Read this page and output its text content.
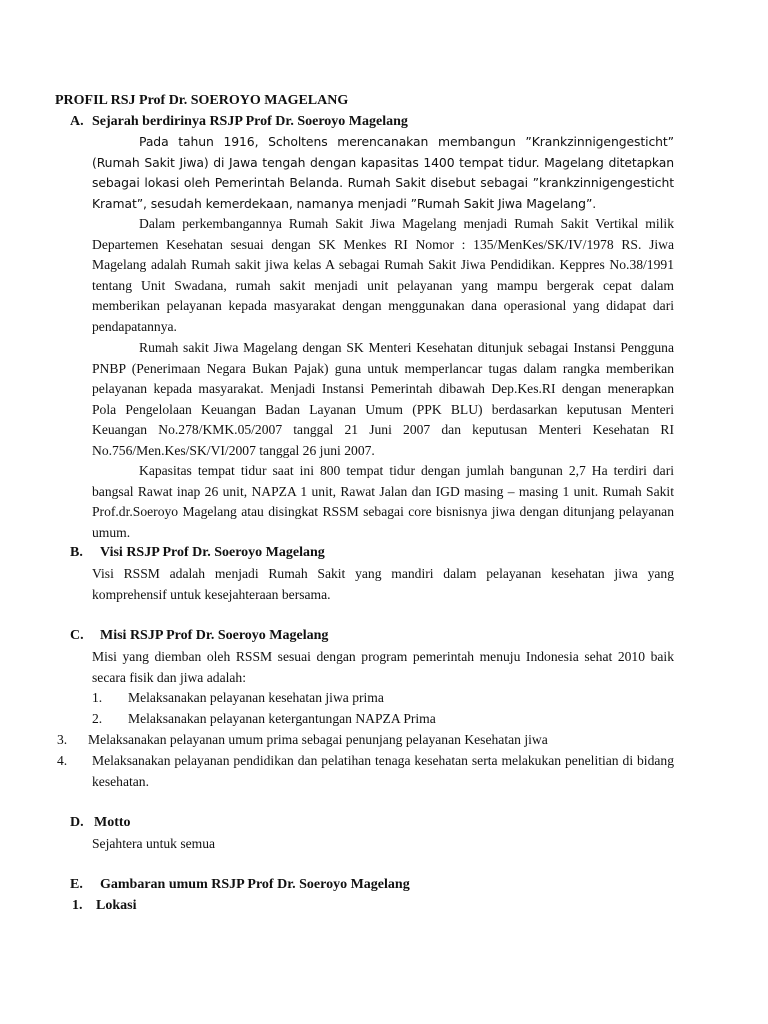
PROFIL RSJ Prof Dr. SOEROYO MAGELANG
A. Sejarah berdirinya RSJP Prof Dr. Soeroyo Magelang
Pada tahun 1916, Scholtens merencanakan membangun ”Krankzinnigengesticht” (Rumah Sakit Jiwa) di Jawa tengah dengan kapasitas 1400 tempat tidur. Magelang ditetapkan sebagai lokasi oleh Pemerintah Belanda. Rumah Sakit disebut sebagai ”krankzinnigengesticht Kramat”, sesudah kemerdekaan, namanya menjadi ”Rumah Sakit Jiwa Magelang”.
Dalam perkembangannya Rumah Sakit Jiwa Magelang menjadi Rumah Sakit Vertikal milik Departemen Kesehatan sesuai dengan SK Menkes RI Nomor : 135/MenKes/SK/IV/1978 RS. Jiwa Magelang adalah Rumah sakit jiwa kelas A sebagai Rumah Sakit Jiwa Pendidikan. Keppres No.38/1991 tentang Unit Swadana, rumah sakit menjadi unit pelayanan yang mampu bergerak cepat dalam memberikan pelayanan kepada masyarakat dengan menggunakan dana operasional yang didapat dari pendapatannya.
Rumah sakit Jiwa Magelang dengan SK Menteri Kesehatan ditunjuk sebagai Instansi Pengguna PNBP (Penerimaan Negara Bukan Pajak) guna untuk memperlancar tugas dalam rangka memberikan pelayanan kepada masyarakat. Menjadi Instansi Pemerintah dibawah Dep.Kes.RI dengan menerapkan Pola Pengelolaan Keuangan Badan Layanan Umum (PPK BLU) berdasarkan keputusan Menteri Keuangan No.278/KMK.05/2007 tanggal 21 Juni 2007 dan keputusan Menteri Kesehatan RI No.756/Men.Kes/SK/VI/2007 tanggal 26 juni 2007.
Kapasitas tempat tidur saat ini 800 tempat tidur dengan jumlah bangunan 2,7 Ha terdiri dari bangsal Rawat inap 26 unit, NAPZA 1 unit, Rawat Jalan dan IGD masing – masing 1 unit. Rumah Sakit Prof.dr.Soeroyo Magelang atau disingkat RSSM sebagai core bisnisnya jiwa dengan ditunjang pelayanan umum.
B. Visi RSJP Prof Dr. Soeroyo Magelang
Visi RSSM adalah menjadi Rumah Sakit yang mandiri dalam pelayanan kesehatan jiwa yang komprehensif untuk kesejahteraan bersama.
C. Misi RSJP Prof Dr. Soeroyo Magelang
Misi yang diemban oleh RSSM sesuai dengan program pemerintah menuju Indonesia sehat 2010 baik secara fisik dan jiwa adalah:
1. Melaksanakan pelayanan kesehatan jiwa prima
2. Melaksanakan pelayanan ketergantungan NAPZA Prima
3. Melaksanakan pelayanan umum prima sebagai penunjang pelayanan Kesehatan jiwa
4.	Melaksanakan pelayanan pendidikan dan pelatihan tenaga kesehatan serta melakukan penelitian di bidang kesehatan.
D. Motto
Sejahtera untuk semua
E. Gambaran umum RSJP Prof Dr. Soeroyo Magelang
1. Lokasi
